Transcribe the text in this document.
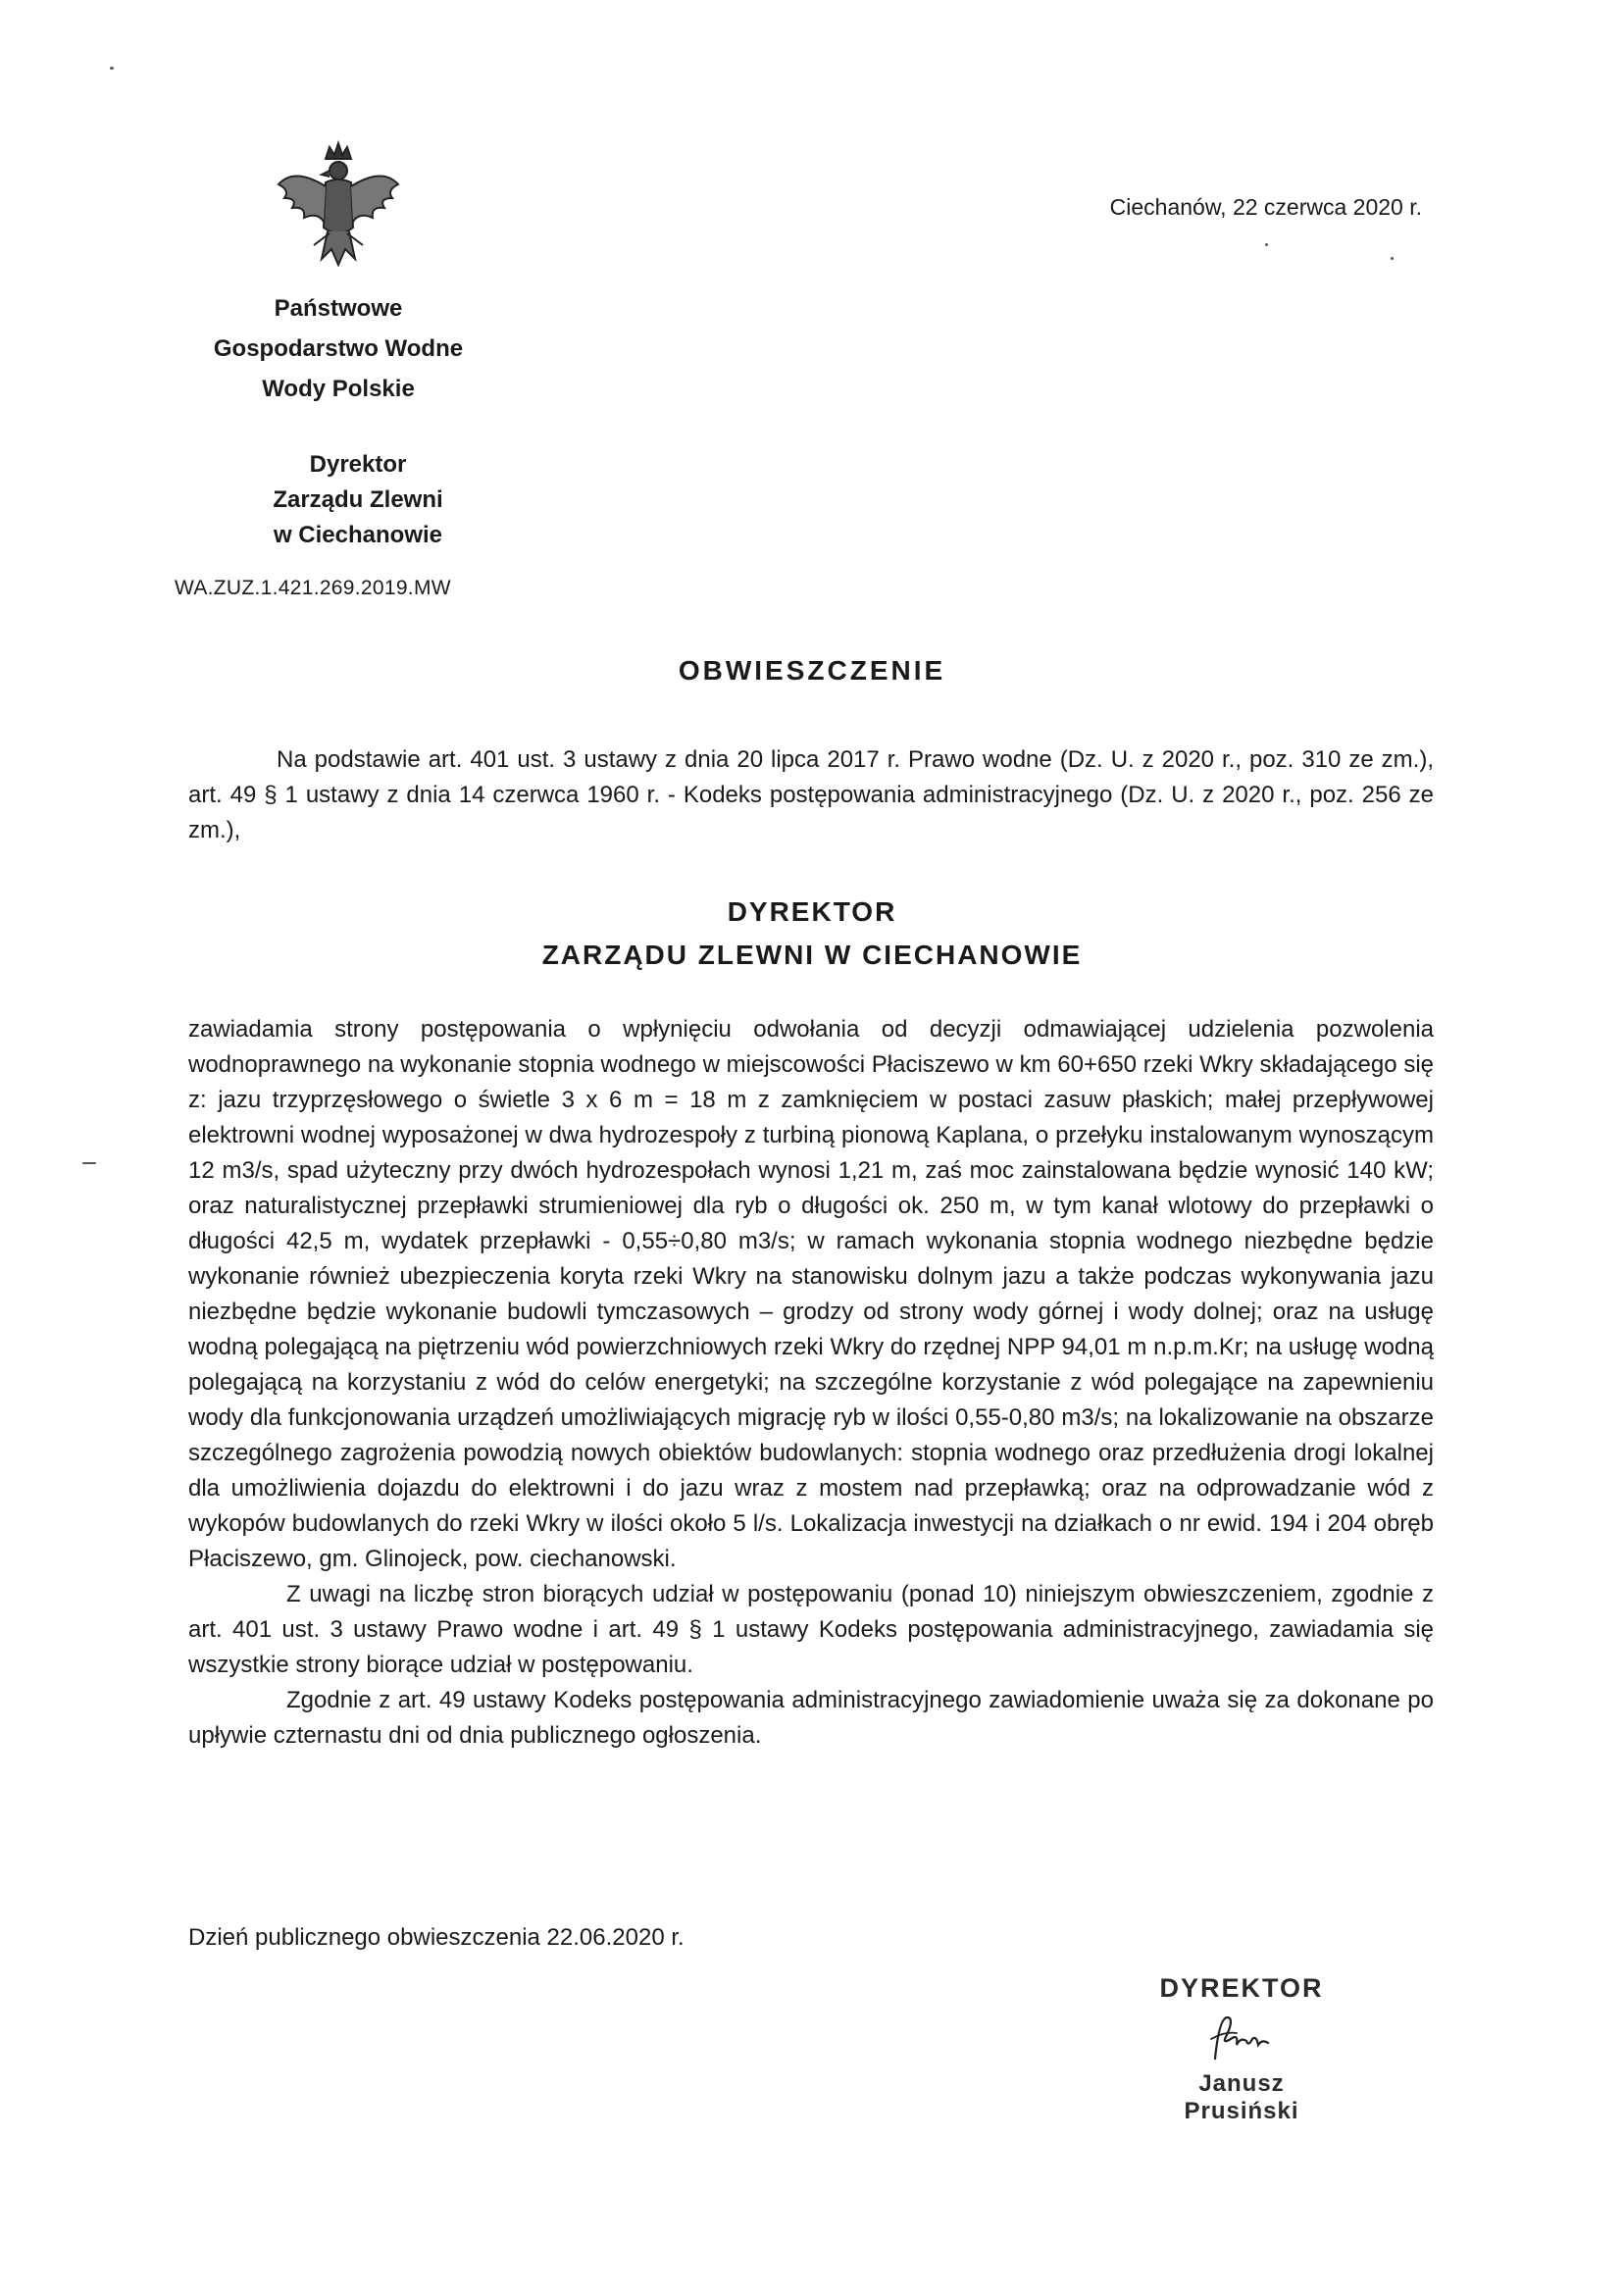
Ciechanów, 22 czerwca 2020 r.
Państwowe
Gospodarstwo Wodne
Wody Polskie
Dyrektor
Zarządu Zlewni
w Ciechanowie
WA.ZUZ.1.421.269.2019.MW
OBWIESZCZENIE
Na podstawie art. 401 ust. 3 ustawy z dnia 20 lipca 2017 r. Prawo wodne (Dz. U. z 2020 r., poz. 310 ze zm.), art. 49 § 1 ustawy z dnia 14 czerwca 1960 r. - Kodeks postępowania administracyjnego (Dz. U. z 2020 r., poz. 256 ze zm.),
DYREKTOR
ZARZĄDU ZLEWNI W CIECHANOWIE

zawiadamia strony postępowania o wpłynięciu odwołania od decyzji odmawiającej udzielenia pozwolenia wodnoprawnego na wykonanie stopnia wodnego w miejscowości Płaciszewo w km 60+650 rzeki Wkry składającego się z: jazu trzyprzęsłowego o świetle 3 x 6 m = 18 m z zamknięciem w postaci zasuw płaskich; małej przepływowej elektrowni wodnej wyposażonej w dwa hydrozespoły z turbiną pionową Kaplana, o przełyku instalowanym wynoszącym 12 m3/s, spad użyteczny przy dwóch hydrozespołach wynosi 1,21 m, zaś moc zainstalowana będzie wynosić 140 kW; oraz naturalistycznej przepławki strumieniowej dla ryb o długości ok. 250 m, w tym kanał wlotowy do przepławki o długości 42,5 m, wydatek przepławki - 0,55÷0,80 m3/s; w ramach wykonania stopnia wodnego niezbędne będzie wykonanie również ubezpieczenia koryta rzeki Wkry na stanowisku dolnym jazu a także podczas wykonywania jazu niezbędne będzie wykonanie budowli tymczasowych – grodzy od strony wody górnej i wody dolnej; oraz na usługę wodną polegającą na piętrzeniu wód powierzchniowych rzeki Wkry do rzędnej NPP 94,01 m n.p.m.Kr; na usługę wodną polegającą na korzystaniu z wód do celów energetyki; na szczególne korzystanie z wód polegające na zapewnieniu wody dla funkcjonowania urządzeń umożliwiających migrację ryb w ilości 0,55-0,80 m3/s; na lokalizowanie na obszarze szczególnego zagrożenia powodzią nowych obiektów budowlanych: stopnia wodnego oraz przedłużenia drogi lokalnej dla umożliwienia dojazdu do elektrowni i do jazu wraz z mostem nad przepławką; oraz na odprowadzanie wód z wykopów budowlanych do rzeki Wkry w ilości około 5 l/s. Lokalizacja inwestycji na działkach o nr ewid. 194 i 204 obręb Płaciszewo, gm. Glinojeck, pow. ciechanowski.

Z uwagi na liczbę stron biorących udział w postępowaniu (ponad 10) niniejszym obwieszczeniem, zgodnie z art. 401 ust. 3 ustawy Prawo wodne i art. 49 § 1 ustawy Kodeks postępowania administracyjnego, zawiadamia się wszystkie strony biorące udział w postępowaniu.

Zgodnie z art. 49 ustawy Kodeks postępowania administracyjnego zawiadomienie uważa się za dokonane po upływie czternastu dni od dnia publicznego ogłoszenia.

Dzień publicznego obwieszczenia 22.06.2020 r.
DYREKTOR
Janusz Prusiński
